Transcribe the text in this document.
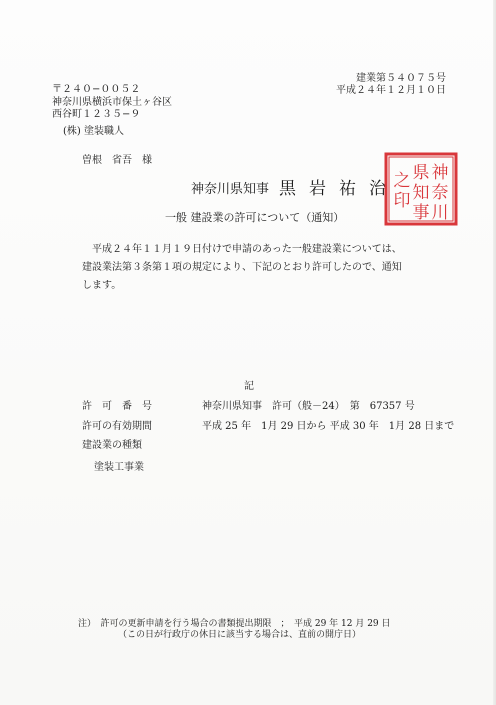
建業第５４０７５号
平成２４年１２月１０日
〒２４０−００５２
神奈川県横浜市保土ヶ谷区
西谷町１２３５−９
(株) 塗装職人
曽根　省吾　様
神奈川県知事 黒岩祐治
神
奈
川
県
知
事
之
印
一般 建設業の許可について（通知）
平成２４年１１月１９日付けで申請のあった一般建設業については、
建設業法第３条第１項の規定により、下記のとおり許可したので、通知
します。
記
許　可　番　号	神奈川県知事　許可（般－24）　第　67357 号
許可の有効期間	平成 25 年　1月 29 日から 平成 30 年　1月 28 日まで
建設業の種類
塗装工事業
注）　許可の更新申請を行う場合の書類提出期限　；　平成 29 年 12 月 29 日
（この日が行政庁の休日に該当する場合は、直前の開庁日）
